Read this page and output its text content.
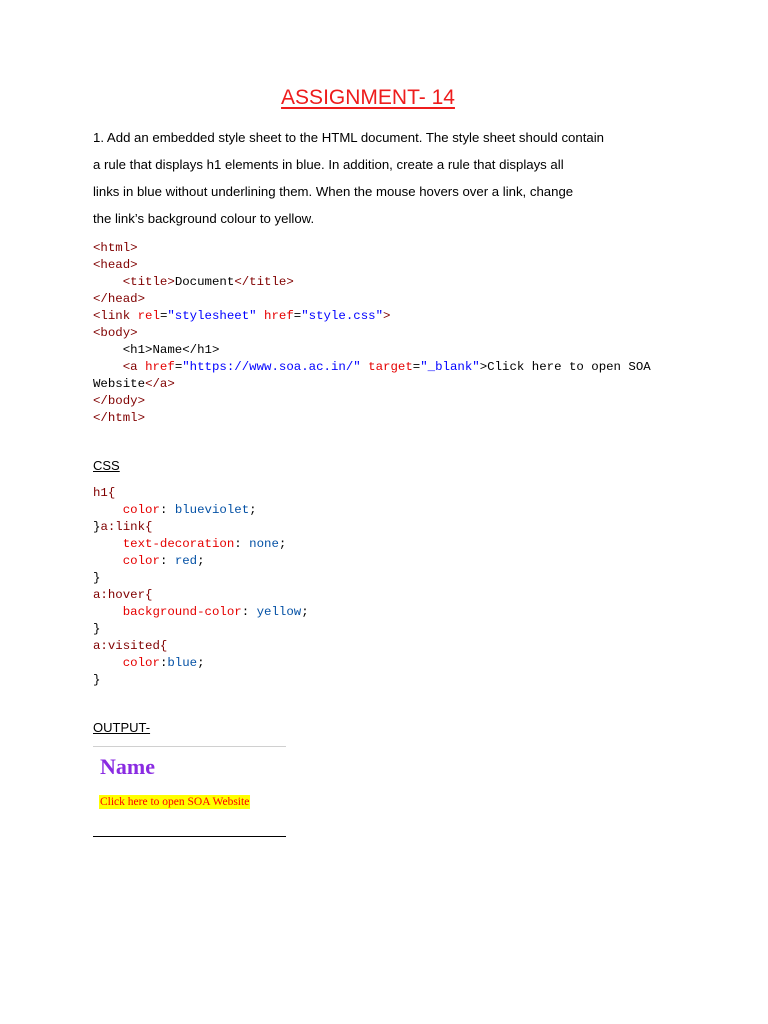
ASSIGNMENT- 14
1. Add an embedded style sheet to the HTML document. The style sheet should contain
a rule that displays h1 elements in blue. In addition, create a rule that displays all
links in blue without underlining them. When the mouse hovers over a link, change
the link’s background colour to yellow.
<html>
<head>
<title>Document</title>
</head>
<link rel="stylesheet" href="style.css">
<body>
<h1>Name</h1>
<a href="https://www.soa.ac.in/" target="_blank">Click here to open SOA
Website</a>
</body>
</html>
CSS
h1{
color: blueviolet;
}a:link{
text-decoration: none;
color: red;
}
a:hover{
background-color: yellow;
}
a:visited{
color:blue;
}
OUTPUT-
Name
Click here to open SOA Website
